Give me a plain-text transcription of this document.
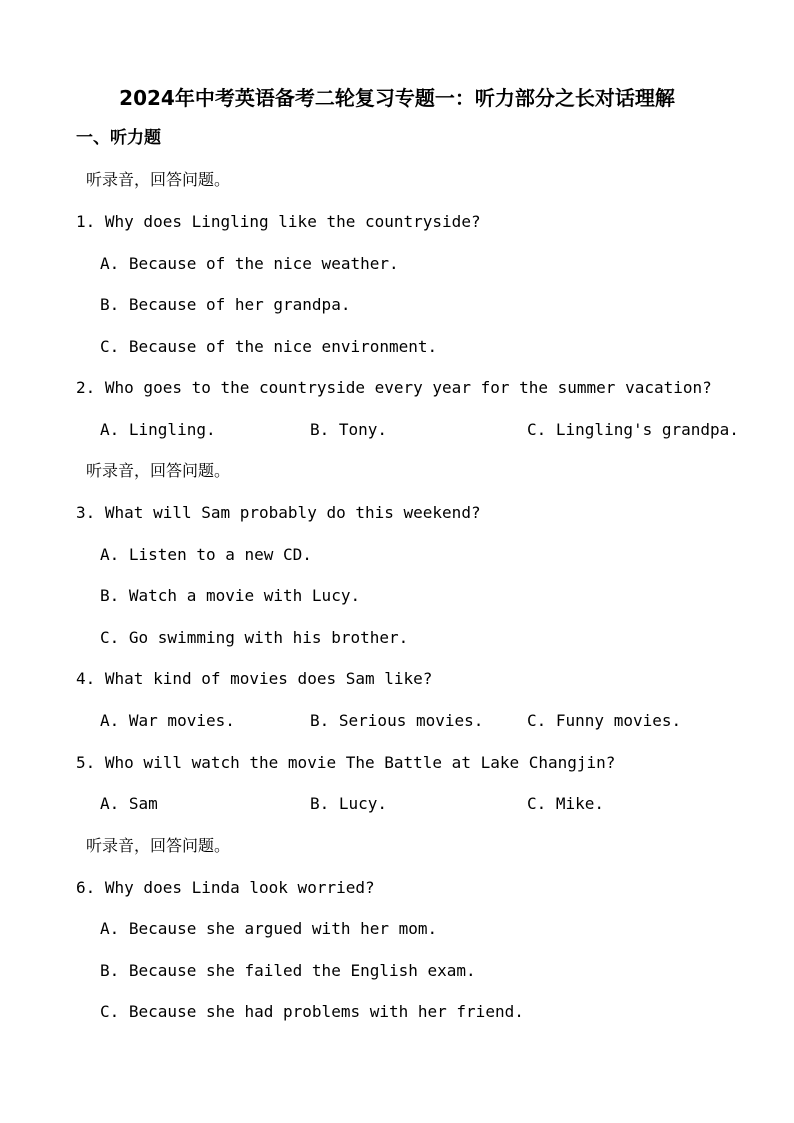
2024年中考英语备考二轮复习专题一：听力部分之长对话理解
一、听力题
听录音，回答问题。
1. Why does Lingling like the countryside?
A. Because of the nice weather.
B. Because of her grandpa.
C. Because of the nice environment.
2. Who goes to the countryside every year for the summer vacation?
A. Lingling.	B. Tony.	C. Lingling's grandpa.
听录音，回答问题。
3. What will Sam probably do this weekend?
A. Listen to a new CD.
B. Watch a movie with Lucy.
C. Go swimming with his brother.
4. What kind of movies does Sam like?
A. War movies.	B. Serious movies.	C. Funny movies.
5. Who will watch the movie The Battle at Lake Changjin?
A. Sam	B. Lucy.	C. Mike.
听录音，回答问题。
6. Why does Linda look worried?
A. Because she argued with her mom.
B. Because she failed the English exam.
C. Because she had problems with her friend.
